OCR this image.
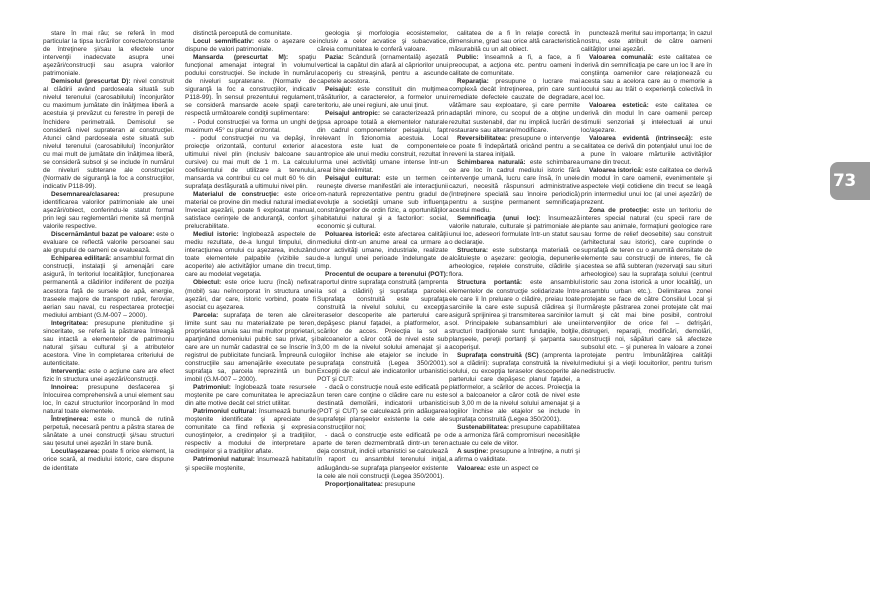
stare în mai rău; se referă în mod particular la tipsa lucrărilor corecte/constante de întreţinere şi/sau la efectele unor intervenţii inadecvate asupra unei aşezări/construcţii sau asupra valorilor patrimoniale.

Demisolul (prescurtat D): nivel construit al clădirii având pardoseala situată sub nivelul terenului (carosabilului) înconjurător cu maximum jumătate din înălţimea liberă a acestuia şi prevăzut cu ferestre în pereţii de închidere perimetrală. Demisolul se consideră nivel suprateran al construcţiei. Atunci când pardoseala este situată sub nivelul terenului (carosabilului) înconjurător cu mai mult de jumătate din înălţimea liberă, se consideră subsol şi se include în numărul de niveluri subterane ale construcţiei (Normativ de siguranţă la foc a construcţiilor, indicativ P118-99).

Desemnarea/clasarea: presupune identificarea valorilor patrimoniale ale unei aşezări/obiect, conferindu-le statut formal prin legi sau reglementări menite să menţină valorile respective.

Discernământul bazat pe valoare: este o evaluare ce reflectă valorile persoanei sau ale grupului de oameni ce evaluează.

Echiparea edilitară: ansamblul format din construcţii, instalaţii şi amenajări care asigură, în teritoriul localităţilor, funcţionarea permanentă a clădirilor indiferent de poziţia acestora faţă de sursele de apă, energie, traseele majore de transport rutier, feroviar, aerian sau naval, cu respectarea protecţiei mediului ambiant (G.M-007 – 2000).

Integritatea: presupune plenitudine şi sinceritate, se referă la păstrarea întreagă sau intactă a elementelor de patrimoniu natural şi/sau cultural şi a atributelor acestora. Vine în completarea criteriului de autenticitate.

Intervenţia: este o acţiune care are efect fizic în structura unei aşezări/construcţii.

Innoirea: presupune desfacerea şi înlocuirea comprehensivă a unui element sau loc, în cazul structurilor încorporând în mod natural toate elementele.

Întreţinerea: este o muncă de rutină perpetuă, necesară pentru a păstra starea de sănătate a unei construcţii şi/sau structuri sau ţesutul unei aşezări în stare bună.

Locul/aşezarea: poate fi orice element, la orice scară, al mediului istoric, care dispune de identitate

distinctă percepută de comunitate.

Locul semnificativ: este o aşezare ce dispune de valori patrimoniale.

Mansarda (prescurtat M): spaţiu funcţional amenajat integral în volumul podului construcţiei. Se include în numărul de niveluri supraterane. (Normativ de siguranţă la foc a construcţiilor, indicativ P118-99). În sensul prezentului regulament, se consideră mansarde acele spaţii care respectă următoarele condiţii suplimentare:

- Podul construcţiei va forma un unghi de maximum 45° cu planul orizontal.

- podul construcţiei nu va depăşi, în proiecţie orizontală, conturul exterior al ultimului nivel plin (inclusiv balcoane sau cursive) cu mai mult de 1 m. La calculul coeficientului de utilizare a terenului, mansarda va contribui cu cel mult 60 % din suprafaţa desfăşurată a ultimului nivel plin.

Materialul de construcţie: este orice material ce provine din mediul natural imediat înveciat aşezării, poate fi exploatat manual, satisface cerinţele de anduranţă, confort şi prelucrabilitate.

Mediul istoric: înglobează aspectele de mediu rezultate, de-a lungul timpului, din interacţiunea omului cu aşezarea, incluzând toate elementele palpabile (vizibile sau acoperite) ale activităţilor umane din trecut, care au modelat vegetaţia.

Obiectul: este orice lucru (încă) nefixat (mobil) sau neîncorporat în structura unei aşezări, dar care, istoric vorbind, poate fi asociat cu aşezarea.

Parcela: suprafaţa de teren ale cărei limite sunt sau nu materializate pe teren, proprietatea unuia sau mai multor proprietari, aparţinând domeniului public sau privat, şi care are un număr cadastral ce se înscrie în registrul de publicitate funciară. Împreună cu construcţiile sau amenajările executate pe suprafaţa sa, parcela reprezintă un bun imobil (G.M-007 – 2000).

Patrimoniul: înglobează toate resursele moştenite pe care comunitatea le apreciază din alte motive decât cel strict utilitar.

Patrimoniul cultural: însumează bunurile moştenite identificate şi apreciate de comunitate ca fiind reflexia şi expresia cunoştinţelor, a credinţelor şi a tradiţiilor, respectiv a modului de interpretare a credinţelor şi a tradiţiilor aflate.

Patrimoniul natural: însumează habitatul şi speciile moştenite,

geologia şi morfologia ecosistemelor, inclusiv a celor acvatice şi subacvatice, căreia comunitatea le conferă valoare.

Pazia: Scândură (ornamentală) aşezată vertical la capătul din afară al căpriorilor unui acoperiş cu streaşină, pentru a ascunde capetele acestora.

Peisajul: este constituit din mulţimea trăsăturilor, a caracterelor, a formelor unui teritoriu, ale unei regiuni, ale unui ţinut.

Peisajul antropic: se caracterizează prin ţipsa aproape totală a elementelor naturale din cadrul componentelor peisajului, fapt relevant în fizionomia acestuia. Local acestora este luat de componentele antropice ale unui mediu construit, rezultat în urma unei activităţi umane intense într-un areal bine delimitat.

Peisajul cultural: este un termen ce reuneşte diverse manifestări ale interacţiunii om-natură reprezentative pentru gradul de evoluţie a societăţii umane sub influenţa constrângerilor de ordin fizic, a oportunităţilor habitatului natural şi a factorilor: social, economic şi cultural.

Poluarea istorică: este afectarea calităţii mediului dintr-un anume areal ca urmare a unor activităţi umane, industriale, realizate de-a lungul unei perioade îndelungate de timp.

Procentul de ocupare a terenului (POT): raportul dintre suprafaţa construită (amprenta la sol a clădirii) şi suprafaţa parcelei. Suprafaţa construită este suprafaţa construită la nivelul solului, cu excepţia teraselor descoperite ale parterului care depăşesc planul faţadei, a platformelor, a scărilor de acces. Proiecţia la sol a balcoanelor a căror cotă de nivel este sub 3,00 m de la nivelul solului amenajat şi a logiilor închise ale etajelor se include în suprafaţa construită (Legea 350/2001). Excepţii de calcul ale indicatorilor urbanistici POT şi CUT:

- dacă o construcţie nouă este edificată pe un teren care conţine o clădire care nu este destinată demolării, indicatorii urbanistici (POT şi CUT) se calculează prin adăugarea suprafeţei planşeelor existente la cele ale construcţiilor noi;

- dacă o construcţie este edificată pe o parte de teren dezmembrată dintr-un teren deja construit, indicii urbanistici se calculează în raport cu ansamblul terenului iniţial, adăugându-se suprafaţa planşeelor existente la cele ale noii construcţii (Legea 350/2001).

Proporţionalitatea: presupune

calitatea de a fi în relaţie corectă în dimensiune, grad sau orice altă caracteristică măsurabilă cu un alt obiect.

Public: înseamnă a fi, a face, a fi preocupat, a acţiona etc. pentru oameni în calitate de comunitate.

Reparaţia: presupune o lucrare mai complexă decât întreţinerea, prin care sunt remediate defectele cauzate de degradare, vătămare sau exploatare, şi care permite adaptări minore, cu scopul de a obţine un rezultat sustenabil, dar nu implică lucrări de restaurare sau alterare/modificare.

Reversibilitatea: presupune o intervenţie ce poate fi îndepărtată oricând pentru a se reveni la starea iniţială.

Schimbarea naturală: este schimbarea ce are loc în cadrul mediului istoric fără intervenţie umană, lucru care însă, în unele cazuri, necesită răspunsuri administrative (întreţinere specială sau înnoire periodică) pentru a susţine permanent semnificaţia acestui mediu.

Semnificaţia (unui loc): însumează valorile naturale, culturale şi patrimoniale ale unui loc, adeseori formulate într-un statut sau o declaraţie.

Structura: este substanţa materială ce alcătuieşte o aşezare: geologia, depunerile arheologice, reţelele construite, clădirile şi flora.

Structura portantă: este ansamblul elementelor de construcţie solidarizate între ele care îi în preluare o clădire, preiau toate sarcinile la care este supusă clădirea şi îl asigură sprijinirea şi transmiterea sarcinilor la sol. Principalele subansambluri ale unei structuri tradiţionale sunt: fundaţiile, bolţile, planşeele, pereţii portanţi şi şarpanta sau acoperişul.

Suprafaţa construită (SC) (amprenta la sol a clădirii): suprafaţa construită la nivelul solului, cu excepţia teraselor descoperite ale parterului care depăşesc planul faţadei, a platformelor, a scărilor de acces. Proiecţia la sol a balcoanelor a căror cotă de nivel este sub 3,00 m de la nivelul solului amenajat şi a logiilor închise ale etajelor se include în suprafaţa construită (Legea 350/2001).

Sustenabilitatea: presupune capabilitatea de a armoniza fără compromisuri necesităţile actuale cu cele de viitor.

A susţine: presupune a întreţine, a nutri şi a afirma o validitate.

Valoarea: este un aspect ce

punctează meritul sau importanţa; în cazul nostru, este atribuit de către oameni calităţilor unei aşezări.

Valoarea comunală: este calitatea ce derivă din semnificaţia pe care un loc îl are în conştiinţa oamenilor care relaţionează cu acesta sau a acelora care au o memorie a locului sau au trăit o experienţă colectivă în acel loc.

Valoarea estetică: este calitatea ce derivă din modul în care oamenii percep stimulii senzoriali şi intelectuali ai unui loc/aşezare.

Valoarea evidentă (intrinsecă): este calitatea ce derivă din potenţialul unui loc de a pune în valoare mărturiile activităţilor umane din trecut.

Valoarea istorică: este calitatea ce derivă din modul în care oamenii, evenimentele şi aspectele vieţii cotidiene din trecut se leagă prin intermediul unui loc (al unei aşezări) de prezent.

Zona de protecţie: este un teritoriu de interes special natural (cu specii rare de plante sau animale, formaţiuni geologice rare sau forme de relief deosebite) sau construit (arhitectural sau istoric), care cuprinde o suprafaţă de teren cu o anumită densitate de elemente sau construcţii de interes, fie că acestea se află subteran (rezervaţii sau situri arheologice) sau la suprafaţa solului (centrul istoric sau zona istorică a unor localităţi, un ansamblu urban etc.). Delimitarea zonei protejate se face de către Consiliul Local şi urmăreşte păstrarea zonei protejate cât mai mult şi cât mai bine posibil, controlul intervenţiilor de orice fel – defrişări, distrugeri, reparaţii, modificări, demolări, construcţii noi, săpături care să afecteze subsolul etc. – şi punerea în valoare a zonei protejate pentru îmbunătăţirea calităţii mediului şi a vieţii locuitorilor, pentru turism nedistructiv.

73
